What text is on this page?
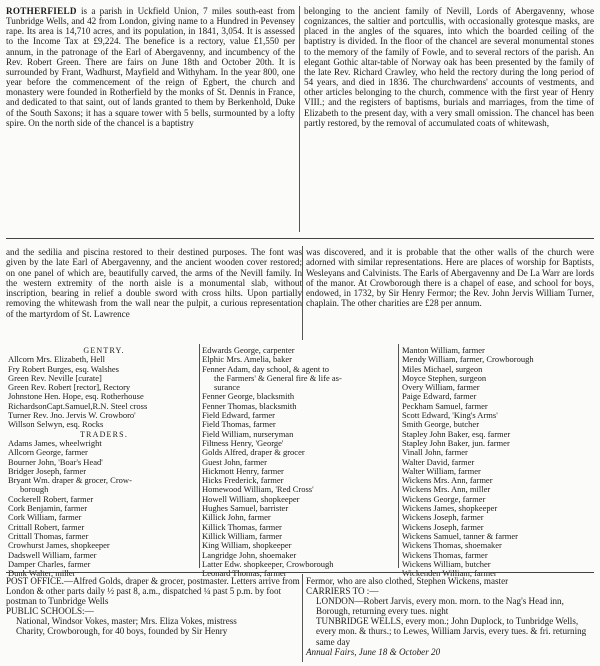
ROTHERFIELD is a parish in Uckfield Union, 7 miles south-east from Tunbridge Wells, and 42 from London, giving name to a Hundred in Pevensey rape. Its area is 14,710 acres, and its population, in 1841, 3,054. It is assessed to the Income Tax at £9,224. The benefice is a rectory, value £1,550 per annum, in the patronage of the Earl of Abergavenny, and incumbency of the Rev. Robert Green. There are fairs on June 18th and October 20th. It is surrounded by Frant, Wadhurst, Mayfield and Withyham. In the year 800, one year before the commencement of the reign of Egbert, the church and monastery were founded in Rotherfield by the monks of St. Dennis in France, and dedicated to that saint, out of lands granted to them by Berkenhold, Duke of the South Saxons; it has a square tower with 5 bells, surmounted by a lofty spire. On the north side of the chancel is a baptistry

belonging to the ancient family of Nevill, Lords of Abergavenny, whose cognizances, the saltier and portcullis, with occasionally grotesque masks, are placed in the angles of the squares, into which the boarded ceiling of the baptistry is divided. In the floor of the chancel are several monumental stones to the memory of the family of Fowle, and to several rectors of the parish. An elegant Gothic altar-table of Norway oak has been presented by the family of the late Rev. Richard Crawley, who held the rectory during the long period of 54 years, and died in 1836. The churchwardens' accounts of vestments, and other articles belonging to the church, commence with the first year of Henry VIII.; and the registers of baptisms, burials and marriages, from the time of Elizabeth to the present day, with a very small omission. The chancel has been partly restored, by the removal of accumulated coats of whitewash,

and the sedilia and piscina restored to their destined purposes. The font was given by the late Earl of Abergavenny, and the ancient wooden cover restored; on one panel of which are, beautifully carved, the arms of the Nevill family. In the western extremity of the north aisle is a monumental slab, without inscription, bearing in relief a double sword with cross hilts. Upon partially removing the whitewash from the wall near the pulpit, a curious representation of the martyrdom of St. Lawrence

was discovered, and it is probable that the other walls of the church were adorned with similar representations. Here are places of worship for Baptists, Wesleyans and Calvinists. The Earls of Abergavenny and De La Warr are lords of the manor. At Crowborough there is a chapel of ease, and school for boys, endowed, in 1732, by Sir Henry Fermor; the Rev. John Jervis William Turner, chaplain. The other charities are £28 per annum.

GENTRY.
Allcorn Mrs. Elizabeth, Hell
Fry Robert Burges, esq. Walshes
Green Rev. Neville [curate]
Green Rev. Robert [rector], Rectory
Johnstone Hen. Hope, esq. Rotherhouse
RichardsonCapt.Samuel,R.N. Steel cross
Turner Rev. Jno. Jervis W. Crowboro'
Willson Selwyn, esq. Rocks
TRADERS.
Adams James, wheelwright
Allcorn George, farmer
Bourner John, 'Boar's Head'
Bridger Joseph, farmer
Bryant Wm. draper & grocer, Crow-
borough
Cockerell Robert, farmer
Cork Benjamin, farmer
Cork William, farmer
Crittall Robert, farmer
Crittall Thomas, farmer
Crowhurst James, shopkeeper
Dadswell William, farmer
Damper Charles, farmer
Dunk Walter, miller
Edwards George, carpenter
Elphic Mrs. Amelia, baker
Fenner Adam, day school, & agent to
the Farmers' & General fire & life as-
surance
Fenner George, blacksmith
Fenner Thomas, blacksmith
Field Edward, farmer
Field Thomas, farmer
Field William, nurseryman
Filtness Henry, 'George'
Golds Alfred, draper & grocer
Guest John, farmer
Hickmott Henry, farmer
Hicks Frederick, farmer
Homewood William, 'Red Cross'
Howell William, shopkeeper
Hughes Samuel, barrister
Killick John, farmer
Killick Thomas, farmer
Killick William, farmer
King William, shopkeeper
Langridge John, shoemaker
Latter Edw. shopkeeper, Crowborough
Leonard Thomas, farmer
Manton William, farmer
Mendy William, farmer, Crowborough
Miles Michael, surgeon
Moyce Stephen, surgeon
Overy William, farmer
Paige Edward, farmer
Peckham Samuel, farmer
Scott Edward, 'King's Arms'
Smith George, butcher
Stapley John Baker, esq. farmer
Stapley John Baker, jun. farmer
Vinall John, farmer
Walter David, farmer
Walter William, farmer
Wickens Mrs. Ann, farmer
Wickens Mrs. Ann, miller
Wickens George, farmer
Wickens James, shopkeeper
Wickens Joseph, farmer
Wickens Joseph, farmer
Wickens Samuel, tanner & farmer
Wickens Thomas, shoemaker
Wickens Thomas, farmer
Wickens William, butcher
Wickenden William, farmer

POST OFFICE.—Alfred Golds, draper & grocer, postmaster. Letters arrive from London & other parts daily ½ past 8, a.m., dispatched ¼ past 5 p.m. by foot postman to Tunbridge Wells

PUBLIC SCHOOLS:—

National, Windsor Vokes, master; Mrs. Eliza Vokes, mistress

Charity, Crowborough, for 40 boys, founded by Sir Henry

Fermor, who are also clothed, Stephen Wickens, master

CARRIERS TO :—

LONDON—Robert Jarvis, every mon. morn. to the Nag's Head inn, Borough, returning every tues. night

TUNBRIDGE WELLS, every mon.; John Duplock, to Tunbridge Wells, every mon. & thurs.; to Lewes, William Jarvis, every tues. & fri. returning same day

Annual Fairs, June 18 & October 20
